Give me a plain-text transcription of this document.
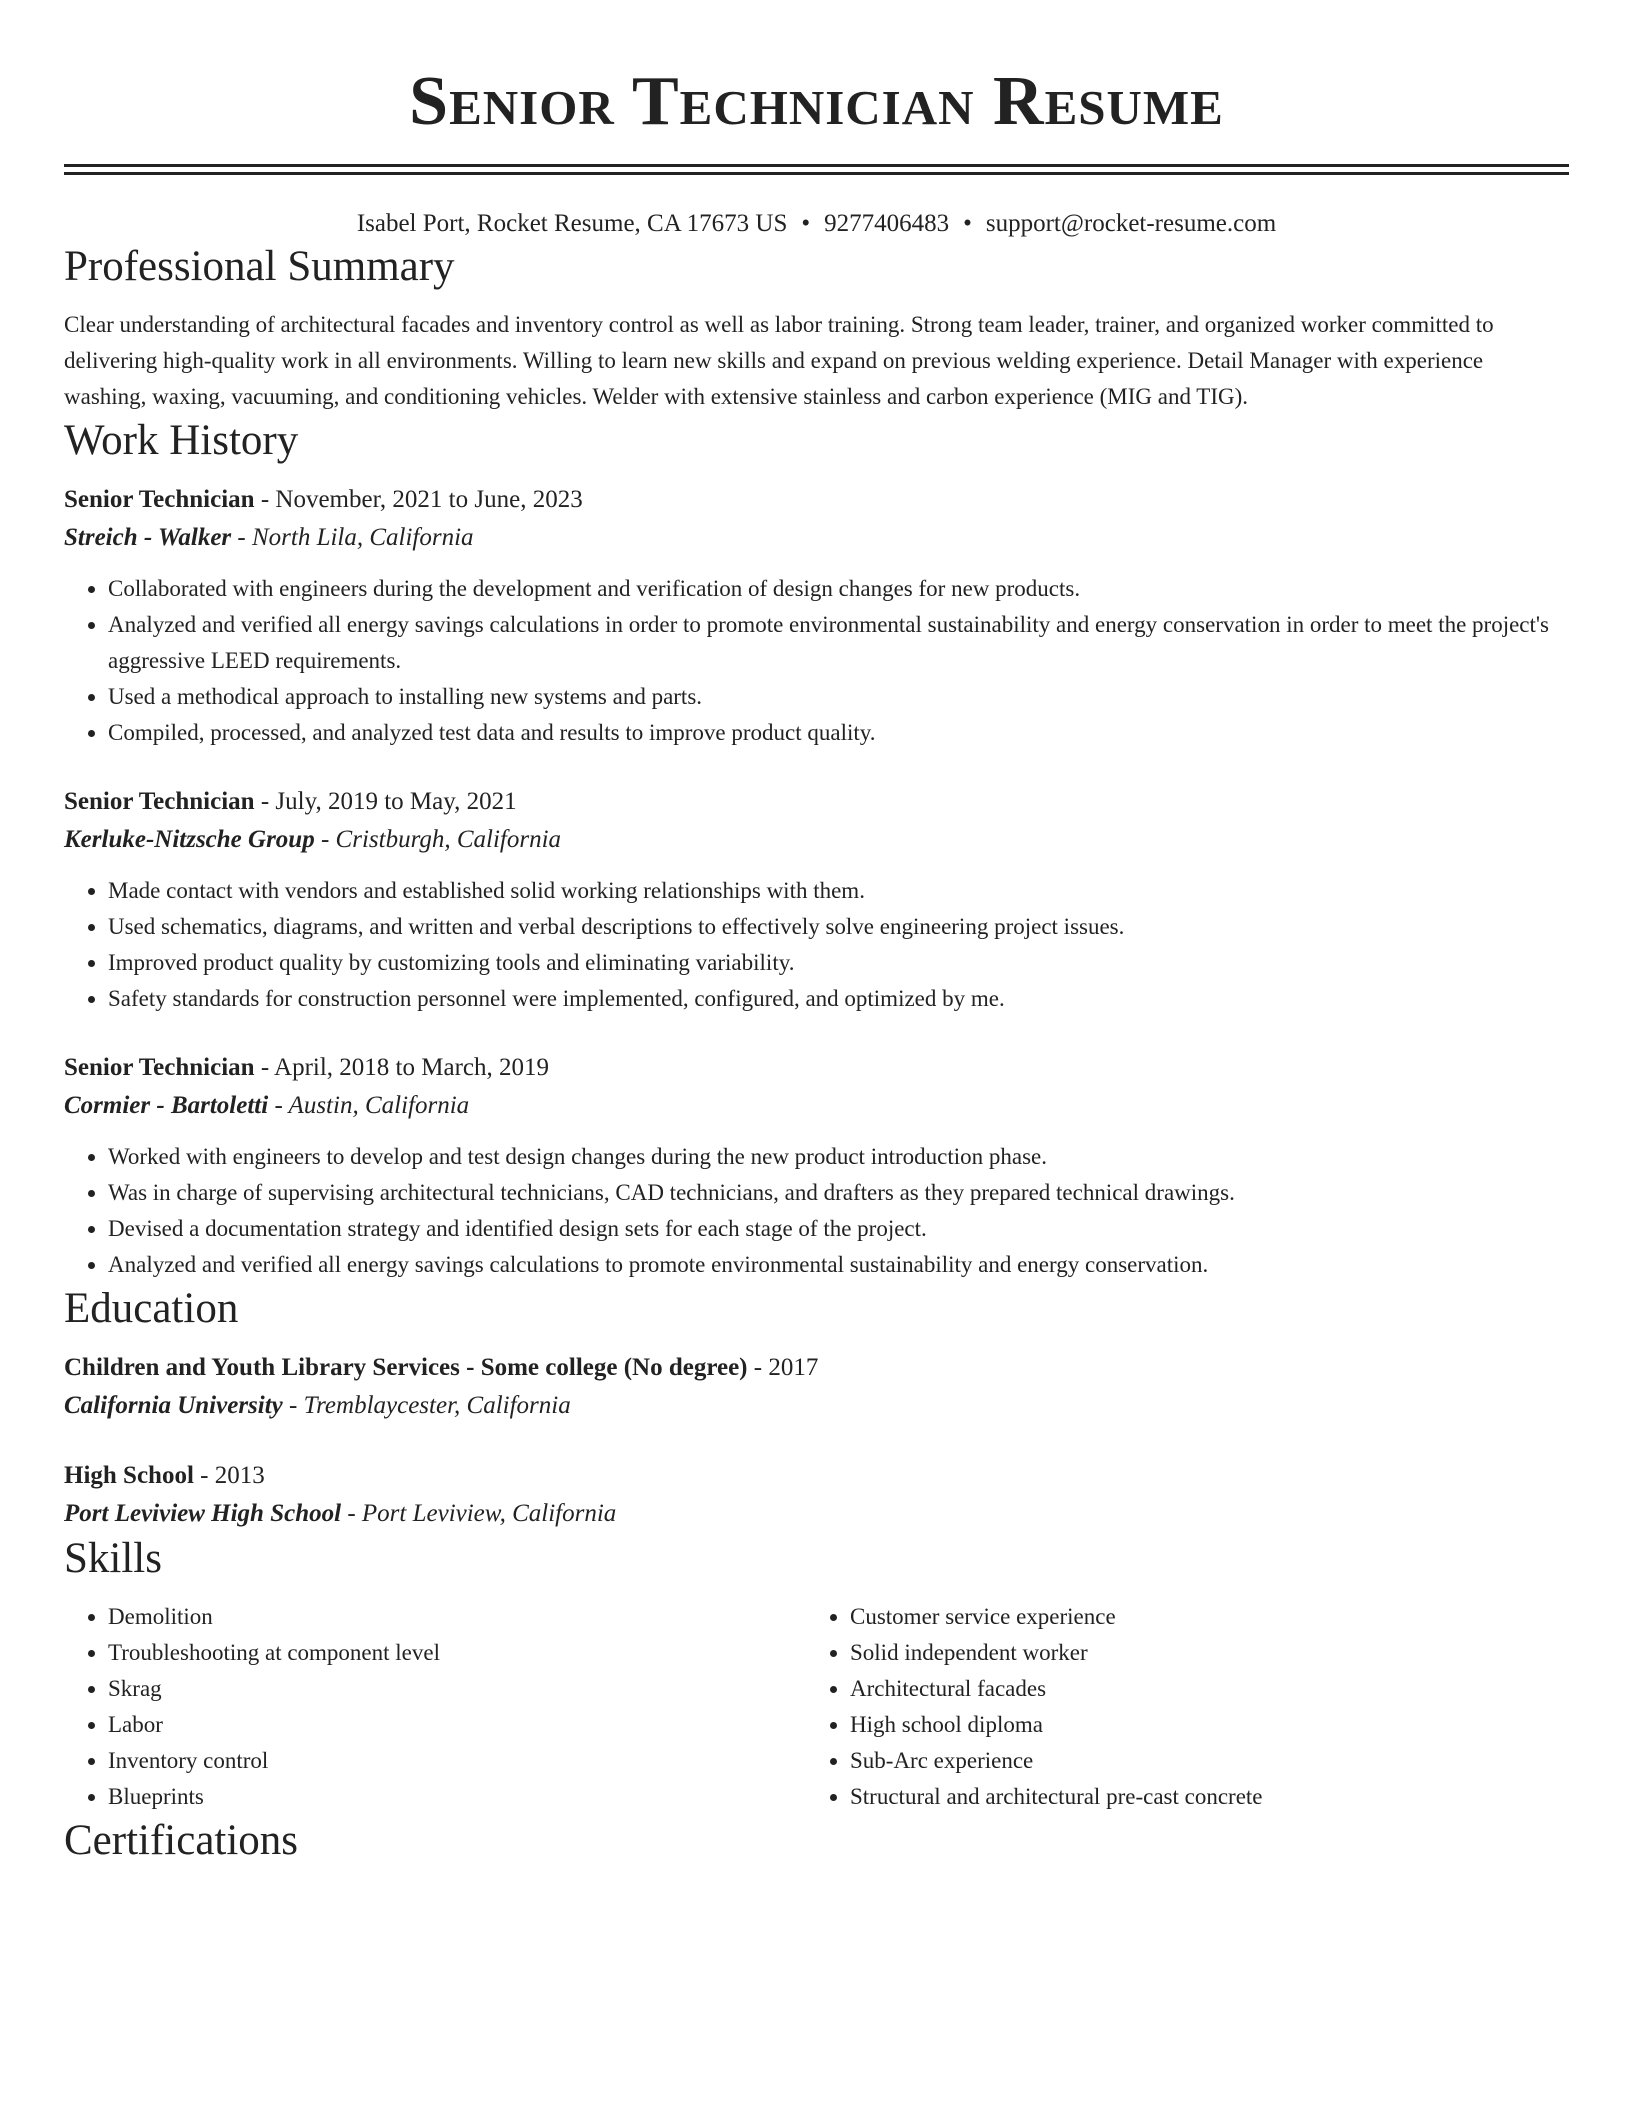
Senior Technician Resume
Isabel Port, Rocket Resume, CA 17673 US • 9277406483 • support@rocket-resume.com
Professional Summary
Clear understanding of architectural facades and inventory control as well as labor training. Strong team leader, trainer, and organized worker committed to delivering high-quality work in all environments. Willing to learn new skills and expand on previous welding experience. Detail Manager with experience washing, waxing, vacuuming, and conditioning vehicles. Welder with extensive stainless and carbon experience (MIG and TIG).
Work History
Senior Technician - November, 2021 to June, 2023
Streich - Walker - North Lila, California
• Collaborated with engineers during the development and verification of design changes for new products.
• Analyzed and verified all energy savings calculations in order to promote environmental sustainability and energy conservation in order to meet the project's aggressive LEED requirements.
• Used a methodical approach to installing new systems and parts.
• Compiled, processed, and analyzed test data and results to improve product quality.
Senior Technician - July, 2019 to May, 2021
Kerluke-Nitzsche Group - Cristburgh, California
• Made contact with vendors and established solid working relationships with them.
• Used schematics, diagrams, and written and verbal descriptions to effectively solve engineering project issues.
• Improved product quality by customizing tools and eliminating variability.
• Safety standards for construction personnel were implemented, configured, and optimized by me.
Senior Technician - April, 2018 to March, 2019
Cormier - Bartoletti - Austin, California
• Worked with engineers to develop and test design changes during the new product introduction phase.
• Was in charge of supervising architectural technicians, CAD technicians, and drafters as they prepared technical drawings.
• Devised a documentation strategy and identified design sets for each stage of the project.
• Analyzed and verified all energy savings calculations to promote environmental sustainability and energy conservation.
Education
Children and Youth Library Services - Some college (No degree) - 2017
California University - Tremblaycester, California
High School - 2013
Port Leviview High School - Port Leviview, California
Skills
• Demolition
• Troubleshooting at component level
• Skrag
• Labor
• Inventory control
• Blueprints
• Customer service experience
• Solid independent worker
• Architectural facades
• High school diploma
• Sub-Arc experience
• Structural and architectural pre-cast concrete
Certifications
